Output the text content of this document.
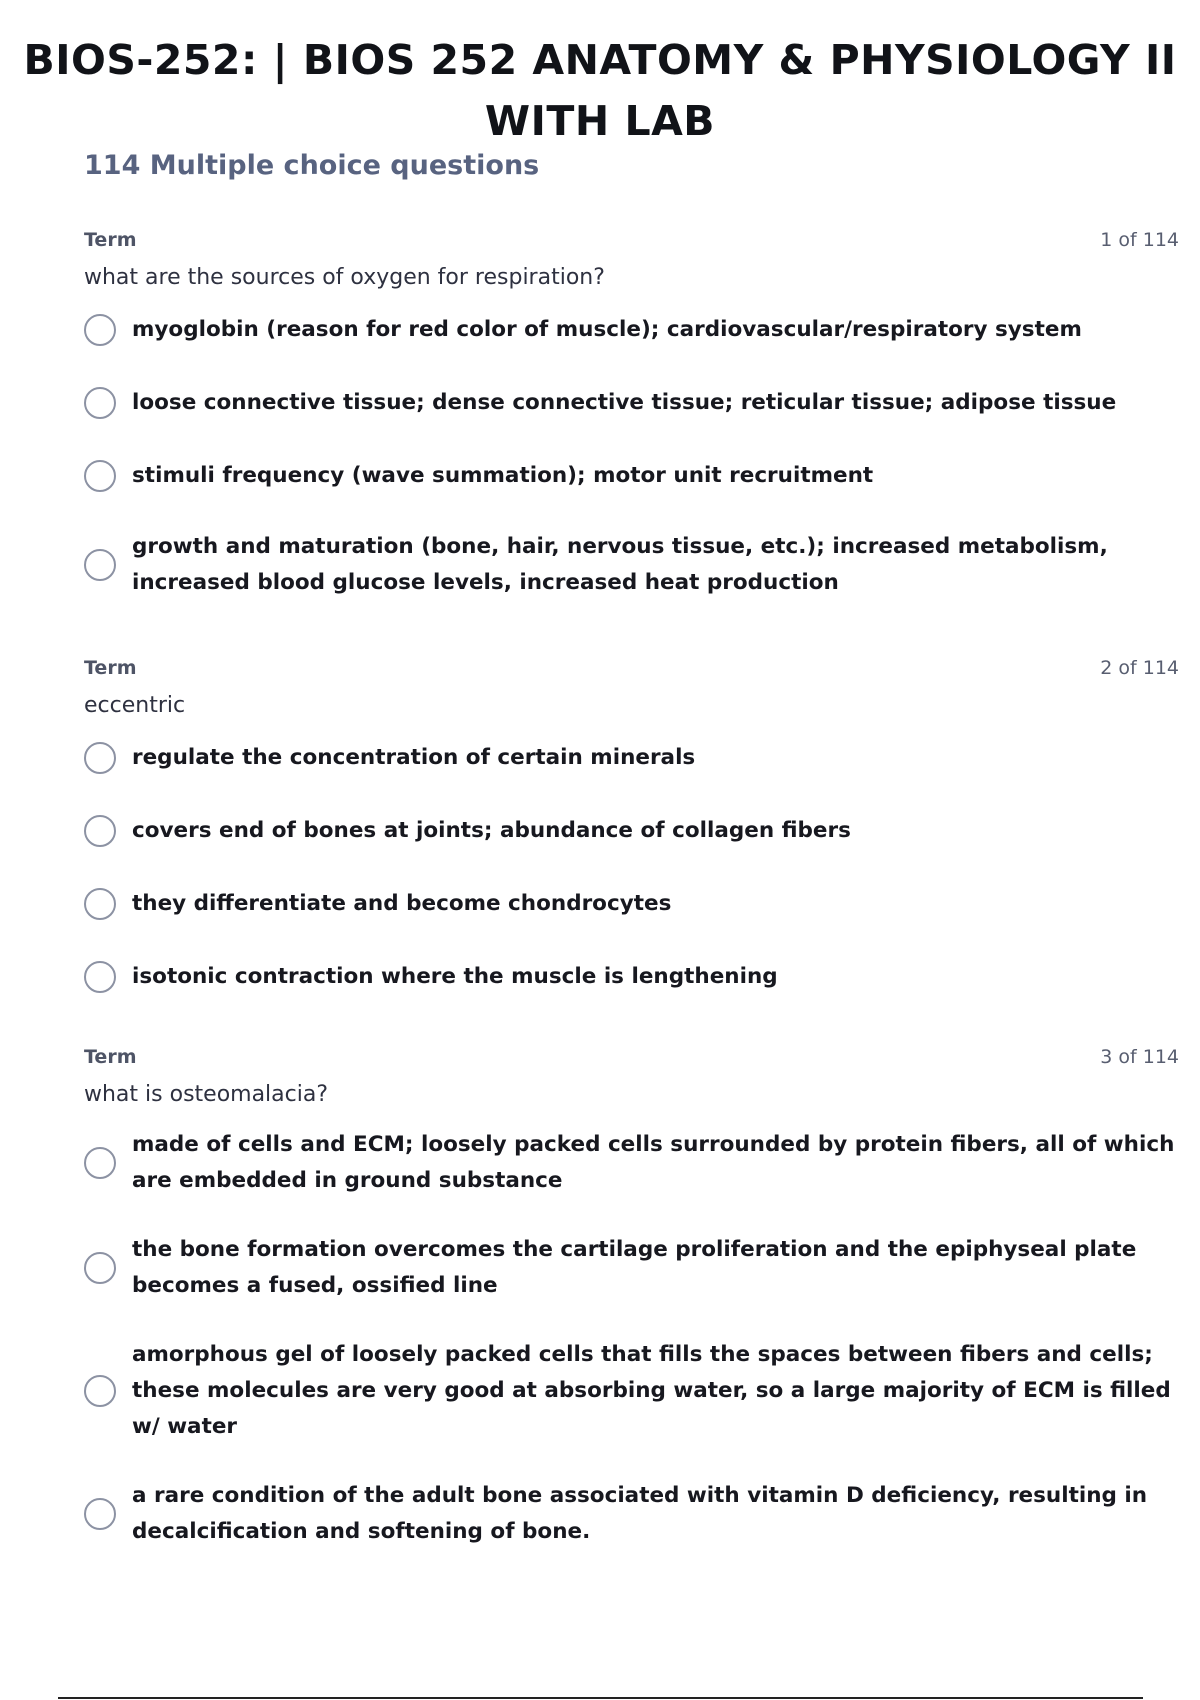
BIOS-252: | BIOS 252 ANATOMY & PHYSIOLOGY II
WITH LAB
114 Multiple choice questions
Term	1 of 114
what are the sources of oxygen for respiration?
myoglobin (reason for red color of muscle); cardiovascular/respiratory system
loose connective tissue; dense connective tissue; reticular tissue; adipose tissue
stimuli frequency (wave summation); motor unit recruitment
growth and maturation (bone, hair, nervous tissue, etc.); increased metabolism, increased blood glucose levels, increased heat production
Term	2 of 114
eccentric
regulate the concentration of certain minerals
covers end of bones at joints; abundance of collagen fibers
they differentiate and become chondrocytes
isotonic contraction where the muscle is lengthening
Term	3 of 114
what is osteomalacia?
made of cells and ECM; loosely packed cells surrounded by protein fibers, all of which are embedded in ground substance
the bone formation overcomes the cartilage proliferation and the epiphyseal plate becomes a fused, ossified line
amorphous gel of loosely packed cells that fills the spaces between fibers and cells; these molecules are very good at absorbing water, so a large majority of ECM is filled w/ water
a rare condition of the adult bone associated with vitamin D deficiency, resulting in decalcification and softening of bone.
